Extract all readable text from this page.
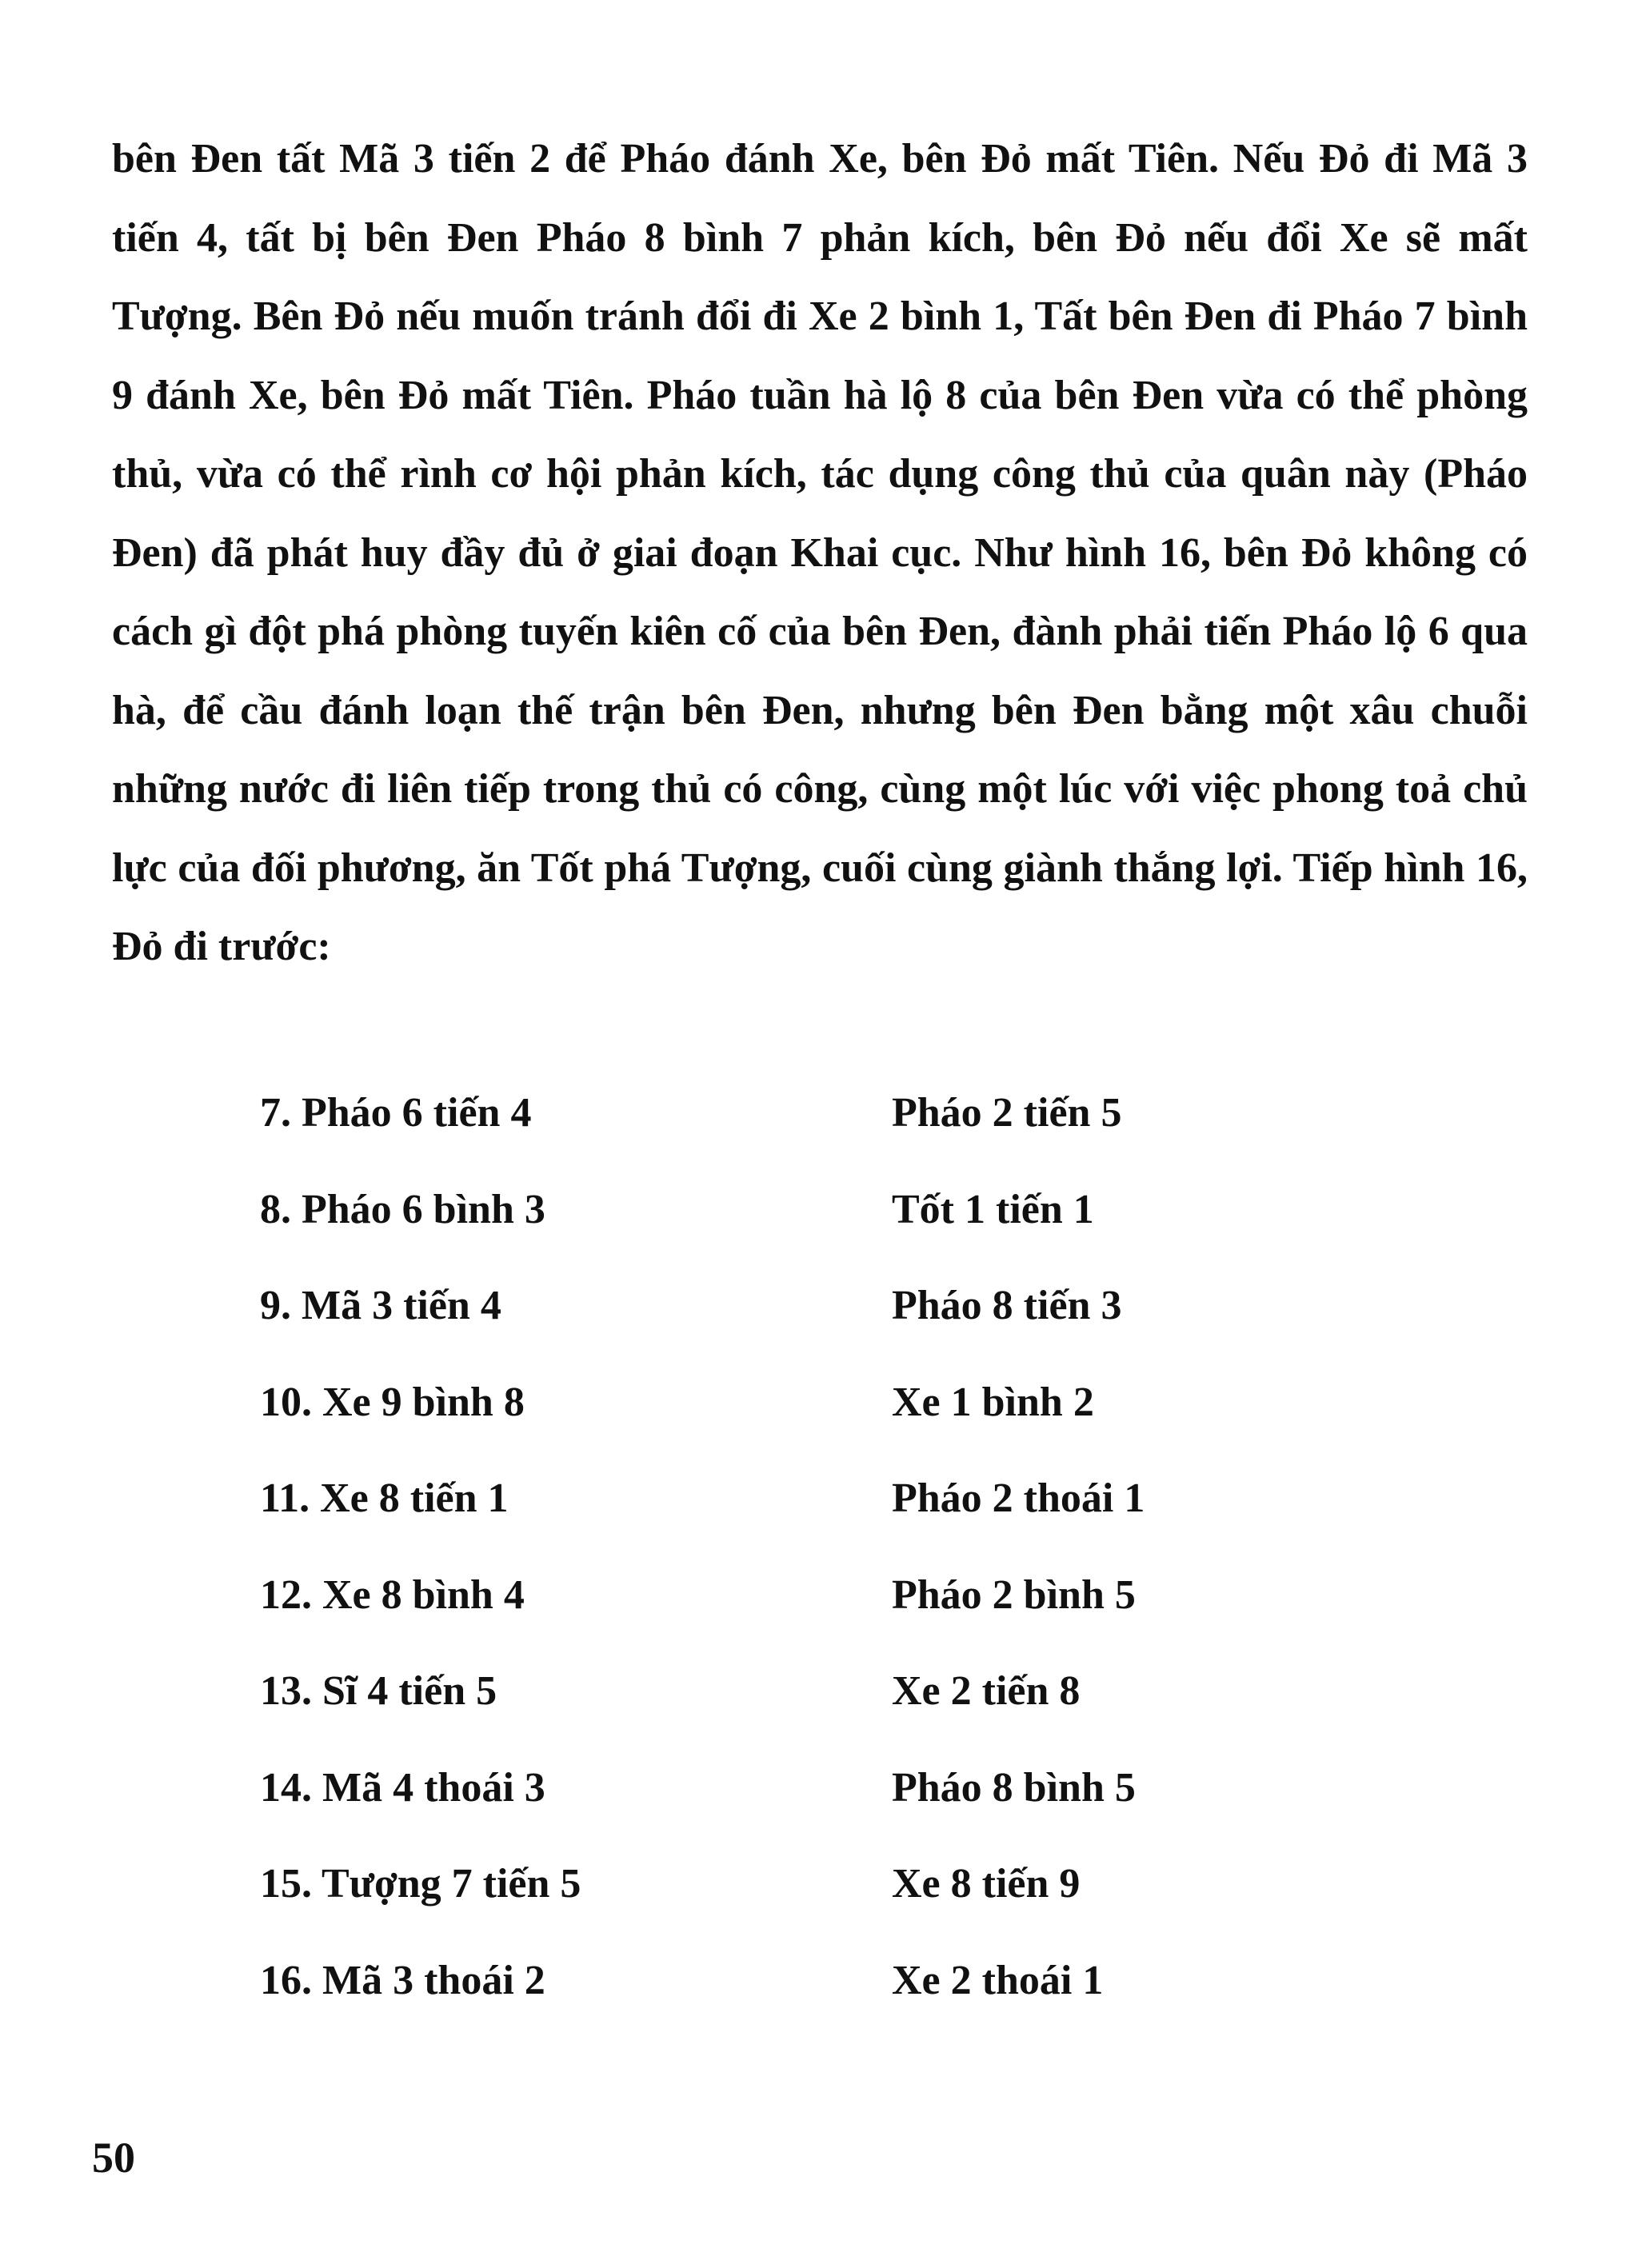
bên Đen tất Mã 3 tiến 2 để Pháo đánh Xe, bên Đỏ mất Tiên. Nếu Đỏ đi Mã 3 tiến 4, tất bị bên Đen Pháo 8 bình 7 phản kích, bên Đỏ nếu đổi Xe sẽ mất Tượng. Bên Đỏ nếu muốn tránh đổi đi Xe 2 bình 1, Tất bên Đen đi Pháo 7 bình 9 đánh Xe, bên Đỏ mất Tiên. Pháo tuần hà lộ 8 của bên Đen vừa có thể phòng thủ, vừa có thể rình cơ hội phản kích, tác dụng công thủ của quân này (Pháo Đen) đã phát huy đầy đủ ở giai đoạn Khai cục. Như hình 16, bên Đỏ không có cách gì đột phá phòng tuyến kiên cố của bên Đen, đành phải tiến Pháo lộ 6 qua hà, để cầu đánh loạn thế trận bên Đen, nhưng bên Đen bằng một xâu chuỗi những nước đi liên tiếp trong thủ có công, cùng một lúc với việc phong toả chủ lực của đối phương, ăn Tốt phá Tượng, cuối cùng giành thắng lợi. Tiếp hình 16, Đỏ đi trước:

7. Pháo 6 tiến 4	Pháo 2 tiến 5
8. Pháo 6 bình 3	Tốt 1 tiến 1
9. Mã 3 tiến 4	Pháo 8 tiến 3
10. Xe 9 bình 8	Xe 1 bình 2
11. Xe 8 tiến 1	Pháo 2 thoái 1
12. Xe 8 bình 4	Pháo 2 bình 5
13. Sĩ 4 tiến 5	Xe 2 tiến 8
14. Mã 4 thoái 3	Pháo 8 bình 5
15. Tượng 7 tiến 5	Xe 8 tiến 9
16. Mã 3 thoái 2	Xe 2 thoái 1
50
